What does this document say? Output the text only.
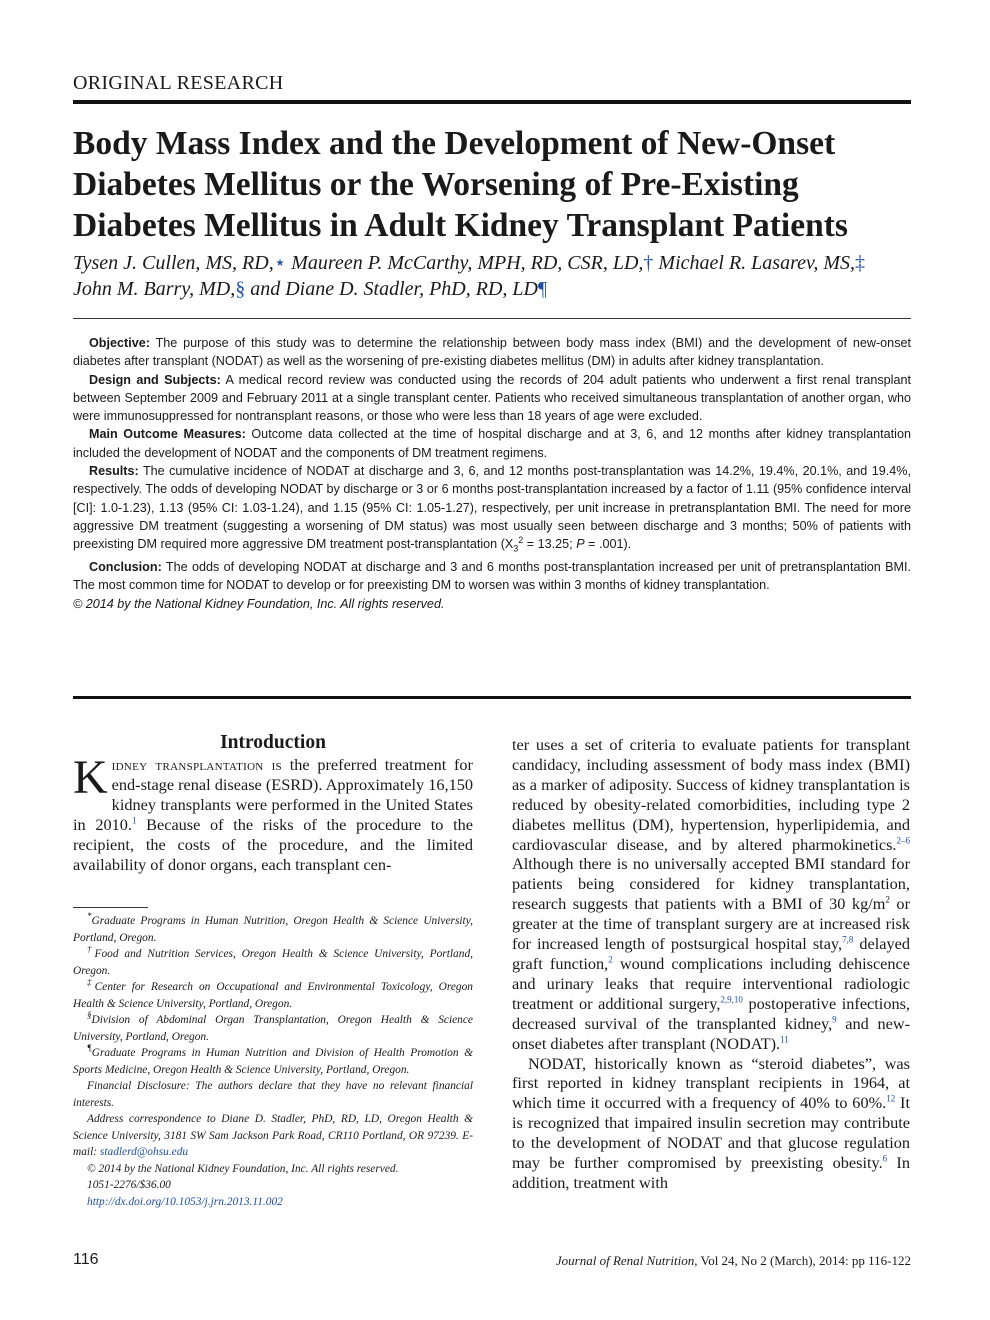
ORIGINAL RESEARCH
Body Mass Index and the Development of New-Onset Diabetes Mellitus or the Worsening of Pre-Existing Diabetes Mellitus in Adult Kidney Transplant Patients
Tysen J. Cullen, MS, RD,⋆ Maureen P. McCarthy, MPH, RD, CSR, LD,† Michael R. Lasarev, MS,‡
John M. Barry, MD,§ and Diane D. Stadler, PhD, RD, LD¶

Objective: The purpose of this study was to determine the relationship between body mass index (BMI) and the development of new-onset diabetes after transplant (NODAT) as well as the worsening of pre-existing diabetes mellitus (DM) in adults after kidney transplantation.

Design and Subjects: A medical record review was conducted using the records of 204 adult patients who underwent a first renal transplant between September 2009 and February 2011 at a single transplant center. Patients who received simultaneous transplantation of another organ, who were immunosuppressed for nontransplant reasons, or those who were less than 18 years of age were excluded.

Main Outcome Measures: Outcome data collected at the time of hospital discharge and at 3, 6, and 12 months after kidney transplantation included the development of NODAT and the components of DM treatment regimens.

Results: The cumulative incidence of NODAT at discharge and 3, 6, and 12 months post-transplantation was 14.2%, 19.4%, 20.1%, and 19.4%, respectively. The odds of developing NODAT by discharge or 3 or 6 months post-transplantation increased by a factor of 1.11 (95% confidence interval [CI]: 1.0-1.23), 1.13 (95% CI: 1.03-1.24), and 1.15 (95% CI: 1.05-1.27), respectively, per unit increase in pretransplantation BMI. The need for more aggressive DM treatment (suggesting a worsening of DM status) was most usually seen between discharge and 3 months; 50% of patients with preexisting DM required more aggressive DM treatment post-transplantation ($X_3^2 = 13.25$; P = .001).

Conclusion: The odds of developing NODAT at discharge and 3 and 6 months post-transplantation increased per unit of pretransplantation BMI. The most common time for NODAT to develop or for preexisting DM to worsen was within 3 months of kidney transplantation.

© 2014 by the National Kidney Foundation, Inc. All rights reserved.

Introduction

Kidney transplantation is the preferred treatment for end-stage renal disease (ESRD). Approximately 16,150 kidney transplants were performed in the United States in 2010.$^1$ Because of the risks of the procedure to the recipient, the costs of the procedure, and the limited availability of donor organs, each transplant cen-

*Graduate Programs in Human Nutrition, Oregon Health & Science University, Portland, Oregon.

†Food and Nutrition Services, Oregon Health & Science University, Portland, Oregon.

‡Center for Research on Occupational and Environmental Toxicology, Oregon Health & Science University, Portland, Oregon.

§Division of Abdominal Organ Transplantation, Oregon Health & Science University, Portland, Oregon.

¶Graduate Programs in Human Nutrition and Division of Health Promotion & Sports Medicine, Oregon Health & Science University, Portland, Oregon.

Financial Disclosure: The authors declare that they have no relevant financial interests.

Address correspondence to Diane D. Stadler, PhD, RD, LD, Oregon Health & Science University, 3181 SW Sam Jackson Park Road, CR110 Portland, OR 97239. E-mail: stadlerd@ohsu.edu

© 2014 by the National Kidney Foundation, Inc. All rights reserved.

1051-2276/$36.00

http://dx.doi.org/10.1053/j.jrn.2013.11.002

ter uses a set of criteria to evaluate patients for transplant candidacy, including assessment of body mass index (BMI) as a marker of adiposity. Success of kidney transplantation is reduced by obesity-related comorbidities, including type 2 diabetes mellitus (DM), hypertension, hyperlipidemia, and cardiovascular disease, and by altered pharmokinetics.$^{2-6}$ Although there is no universally accepted BMI standard for patients being considered for kidney transplantation, research suggests that patients with a BMI of 30 $kg/m^2$ or greater at the time of transplant surgery are at increased risk for increased length of postsurgical hospital stay,$^{7,8}$ delayed graft function,$^2$ wound complications including dehiscence and urinary leaks that require interventional radiologic treatment or additional surgery,$^{2,9,10}$ postoperative infections, decreased survival of the transplanted kidney,$^9$ and new-onset diabetes after transplant (NODAT).$^{11}$

NODAT, historically known as “steroid diabetes”, was first reported in kidney transplant recipients in 1964, at which time it occurred with a frequency of 40% to 60%.$^{12}$ It is recognized that impaired insulin secretion may contribute to the development of NODAT and that glucose regulation may be further compromised by preexisting obesity.$^6$ In addition, treatment with

116	Journal of Renal Nutrition, Vol 24, No 2 (March), 2014: pp 116-122
